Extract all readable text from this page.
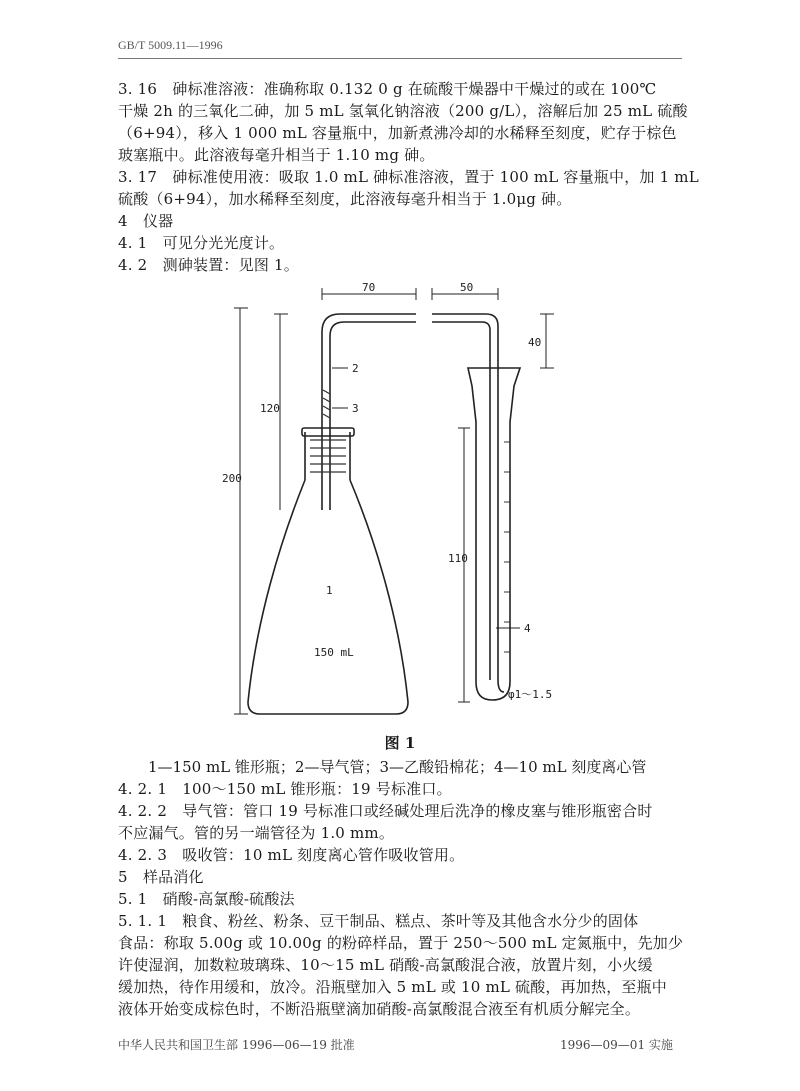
GB/T 5009.11—1996
3. 16　砷标准溶液：准确称取 0.132 0 g 在硫酸干燥器中干燥过的或在 100℃
干燥 2h 的三氧化二砷，加 5 mL 氢氧化钠溶液（200 g/L），溶解后加 25 mL 硫酸
（6+94），移入 1 000 mL 容量瓶中，加新煮沸冷却的水稀释至刻度，贮存于棕色
玻塞瓶中。此溶液每毫升相当于 1.10 mg 砷。
3. 17　砷标准使用液：吸取 1.0 mL 砷标准溶液，置于 100 mL 容量瓶中，加 1 mL
硫酸（6+94），加水稀释至刻度，此溶液每毫升相当于 1.0μg 砷。
4　仪器
4. 1　可见分光光度计。
4. 2　测砷装置：见图 1。
70	50
40
120
200
110
1
2
3
4
150 mL
φ1～1.5
图 1
1—150 mL 锥形瓶；2—导气管；3—乙酸铅棉花；4—10 mL 刻度离心管
4. 2. 1　100～150 mL 锥形瓶：19 号标准口。
4. 2. 2　导气管：管口 19 号标准口或经碱处理后洗净的橡皮塞与锥形瓶密合时
不应漏气。管的另一端管径为 1.0 mm。
4. 2. 3　吸收管：10 mL 刻度离心管作吸收管用。
5　样品消化
5. 1　硝酸-高氯酸-硫酸法
5. 1. 1　粮食、粉丝、粉条、豆干制品、糕点、茶叶等及其他含水分少的固体
食品：称取 5.00g 或 10.00g 的粉碎样品，置于 250～500 mL 定氮瓶中，先加少
许使湿润，加数粒玻璃珠、10～15 mL 硝酸-高氯酸混合液，放置片刻，小火缓
缓加热，待作用缓和，放冷。沿瓶壁加入 5 mL 或 10 mL 硫酸，再加热，至瓶中
液体开始变成棕色时，不断沿瓶壁滴加硝酸-高氯酸混合液至有机质分解完全。
中华人民共和国卫生部 1996—06—19 批准	1996—09—01 实施
